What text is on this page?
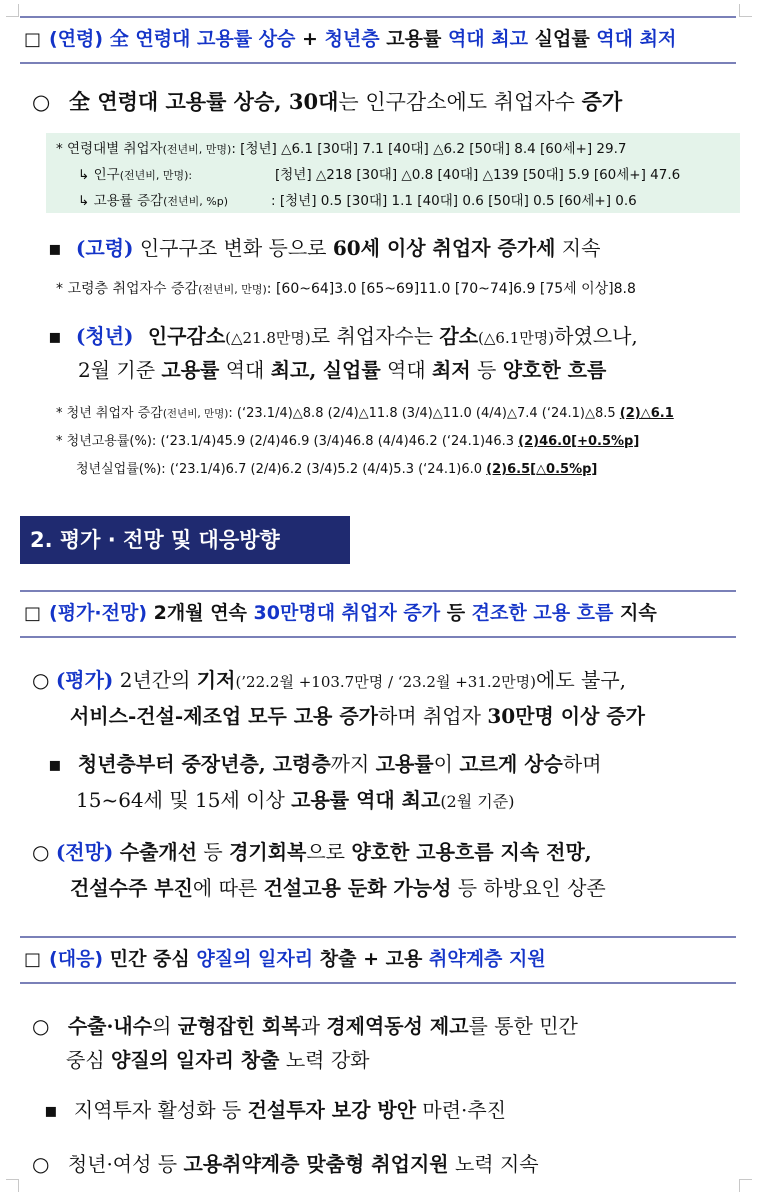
□ (연령) 全 연령대 고용률 상승 + 청년층 고용률 역대 최고 실업률 역대 최저
○ 全 연령대 고용률 상승, 30대는 인구감소에도 취업자수 증가
* 연령대별 취업자(전년비, 만명): [청년] △6.1 [30대] 7.1 [40대] △6.2 [50대] 8.4 [60세+] 29.7
↳ 인구(전년비, 만명):	[청년] △218 [30대] △0.8 [40대] △139 [50대] 5.9 [60세+] 47.6
↳ 고용률 증감(전년비, %p)	: [청년] 0.5 [30대] 1.1 [40대] 0.6 [50대] 0.5 [60세+] 0.6
▪ (고령) 인구구조 변화 등으로 60세 이상 취업자 증가세 지속
* 고령층 취업자수 증감(전년비, 만명): [60~64]3.0 [65~69]11.0 [70~74]6.9 [75세 이상]8.8
▪ (청년) 인구감소(△21.8만명)로 취업자수는 감소(△6.1만명)하였으나,
2월 기준 고용률 역대 최고, 실업률 역대 최저 등 양호한 흐름
* 청년 취업자 증감(전년비, 만명): (‘23.1/4)△8.8 (2/4)△11.8 (3/4)△11.0 (4/4)△7.4 (‘24.1)△8.5 (2)△6.1
* 청년고용률(%): (‘23.1/4)45.9 (2/4)46.9 (3/4)46.8 (4/4)46.2 (‘24.1)46.3 (2)46.0[+0.5%p]
청년실업률(%): (‘23.1/4)6.7 (2/4)6.2 (3/4)5.2 (4/4)5.3 (‘24.1)6.0 (2)6.5[△0.5%p]
2. 평가 · 전망 및 대응방향
□ (평가·전망) 2개월 연속 30만명대 취업자 증가 등 견조한 고용 흐름 지속
○ (평가) 2년간의 기저(’22.2월 +103.7만명 / ‘23.2월 +31.2만명)에도 불구,
서비스-건설-제조업 모두 고용 증가하며 취업자 30만명 이상 증가
▪ 청년층부터 중장년층, 고령층까지 고용률이 고르게 상승하며
15~64세 및 15세 이상 고용률 역대 최고(2월 기준)
○ (전망) 수출개선 등 경기회복으로 양호한 고용흐름 지속 전망,
건설수주 부진에 따른 건설고용 둔화 가능성 등 하방요인 상존
□ (대응) 민간 중심 양질의 일자리 창출 + 고용 취약계층 지원
○ 수출·내수의 균형잡힌 회복과 경제역동성 제고를 통한 민간
중심 양질의 일자리 창출 노력 강화
▪ 지역투자 활성화 등 건설투자 보강 방안 마련·추진
○ 청년·여성 등 고용취약계층 맞춤형 취업지원 노력 지속
